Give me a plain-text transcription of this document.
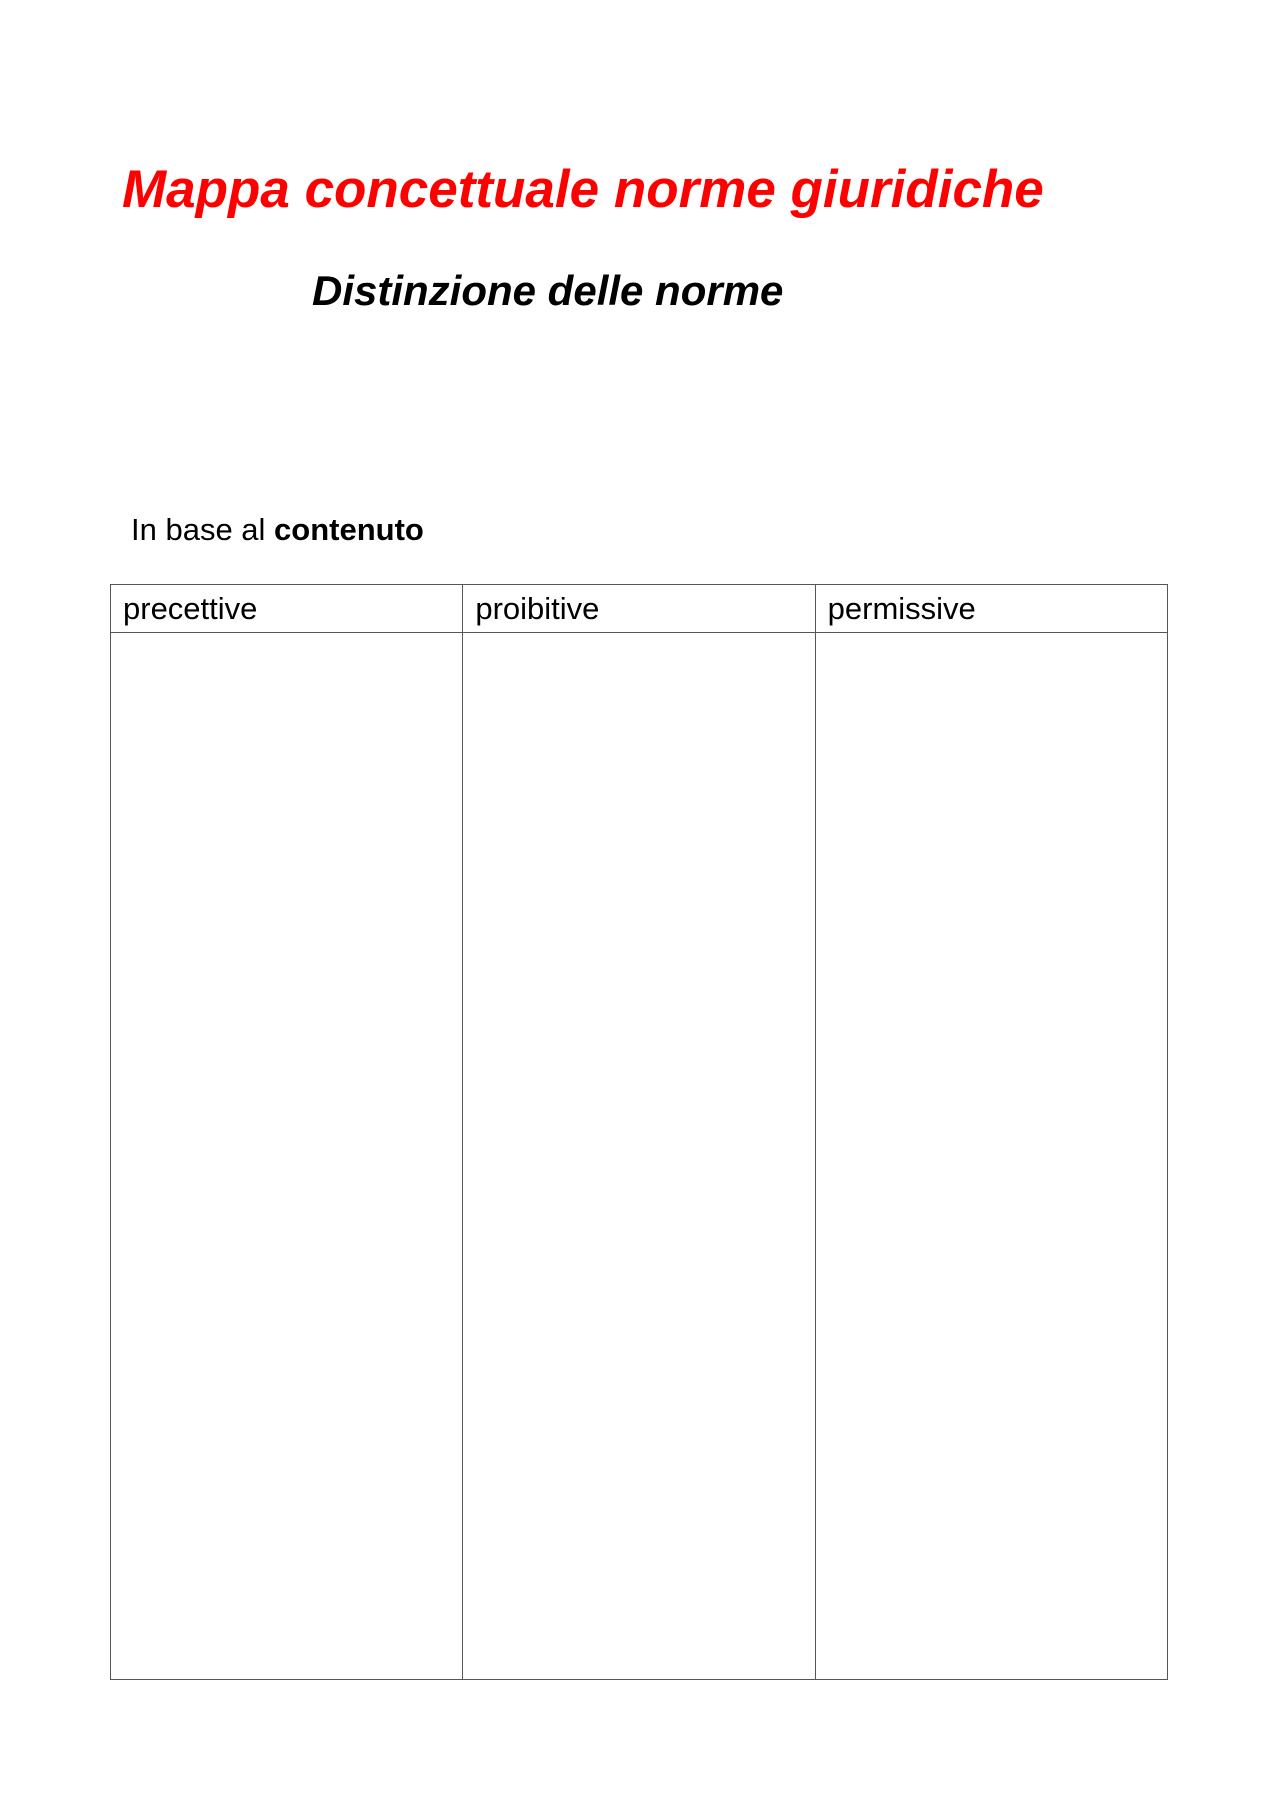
Mappa concettuale norme giuridiche
Distinzione delle norme

In base al contenuto

precettive	proibitive	permissive
